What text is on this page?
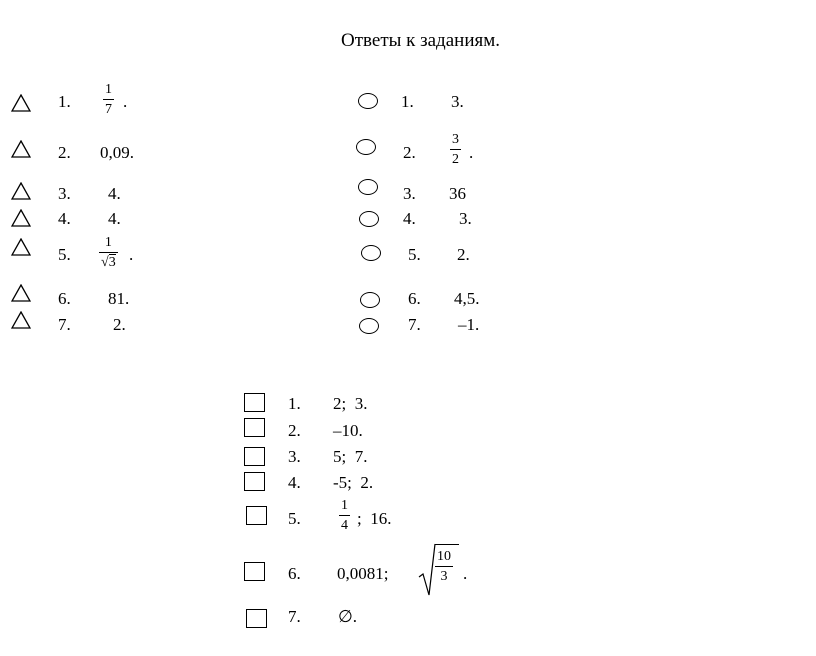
Ответы к заданиям.
1.
1
7 .
2. 0,09.
3. 4.
4. 4.
5.
1
√3 .
6. 81.
7. 2.
1. 3.
2.
3
2 .
3. 36
4.	3.
5. 2.
6. 4,5.
7. –1.
1. 2;  3.
2. –10.
3. 5;  7.
4. -5;  2.
5.
1
4 ;  16.
6. 0,0081;
10
3 .
7. ∅.
